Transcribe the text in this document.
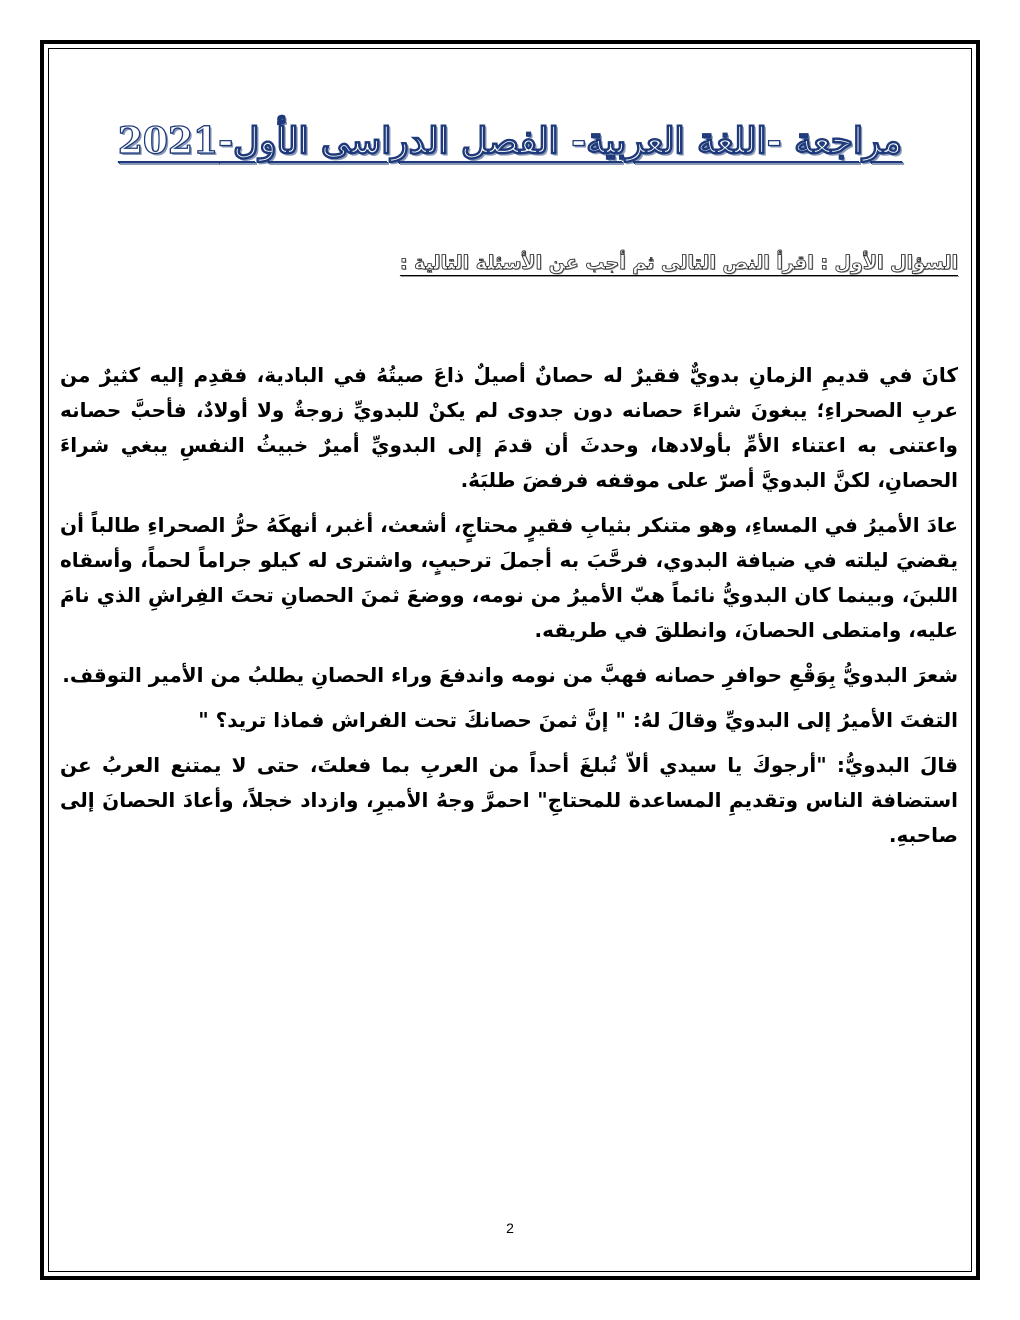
مراجعة -اللغة العربية- الفصل الدراسى الأول-2021
السؤال الأول : اقرأ النص التالى ثم أجب عن الأسئلة التالية :

كانَ في قديمِ الزمانِ بدويٌّ فقيرٌ له حصانٌ أصيلٌ ذاعَ صيتُهُ في البادية، فقدِم إليه كثيرٌ من عربِ الصحراءِ؛ يبغونَ شراءَ حصانه دون جدوى لم يكنْ للبدويِّ زوجةٌ ولا أولادٌ، فأحبَّ حصانه واعتنى به اعتناء الأمِّ بأولادها، وحدثَ أن قدمَ إلى البدويِّ أميرٌ خبيثُ النفسِ يبغي شراءَ الحصانِ، لكنَّ البدويَّ أصرّ على موقفه فرفضَ طلبَهُ.

عادَ الأميرُ في المساءِ، وهو متنكر بثيابِ فقيرٍ محتاجٍ، أشعث، أغبر، أنهكَهُ حرُّ الصحراءِ طالباً أن يقضيَ ليلته في ضيافة البدوي، فرحَّبَ به أجملَ ترحيبٍ، واشترى له كيلو جراماً لحماً، وأسقاه اللبنَ، وبينما كان البدويُّ نائماً هبّ الأميرُ من نومه، ووضعَ ثمنَ الحصانِ تحتَ الفِراشِ الذي نامَ عليه، وامتطى الحصانَ، وانطلقَ في طريقه.

شعرَ البدويُّ بِوَقْعِ حوافرِ حصانه فهبَّ من نومه واندفعَ وراء الحصانِ يطلبُ من الأمير التوقف.

التفتَ الأميرُ إلى البدويِّ وقالَ لهُ: " إنَّ ثمنَ حصانكَ تحت الفراش فماذا تريد؟ "

قالَ البدويُّ: "أرجوكَ يا سيدي ألاّ تُبلغَ أحداً من العربِ بما فعلتَ، حتى لا يمتنع العربُ عن استضافة الناس وتقديمِ المساعدة للمحتاجِ" احمرَّ وجهُ الأميرِ، وازداد خجلاً، وأعادَ الحصانَ إلى صاحبهِ.

2
